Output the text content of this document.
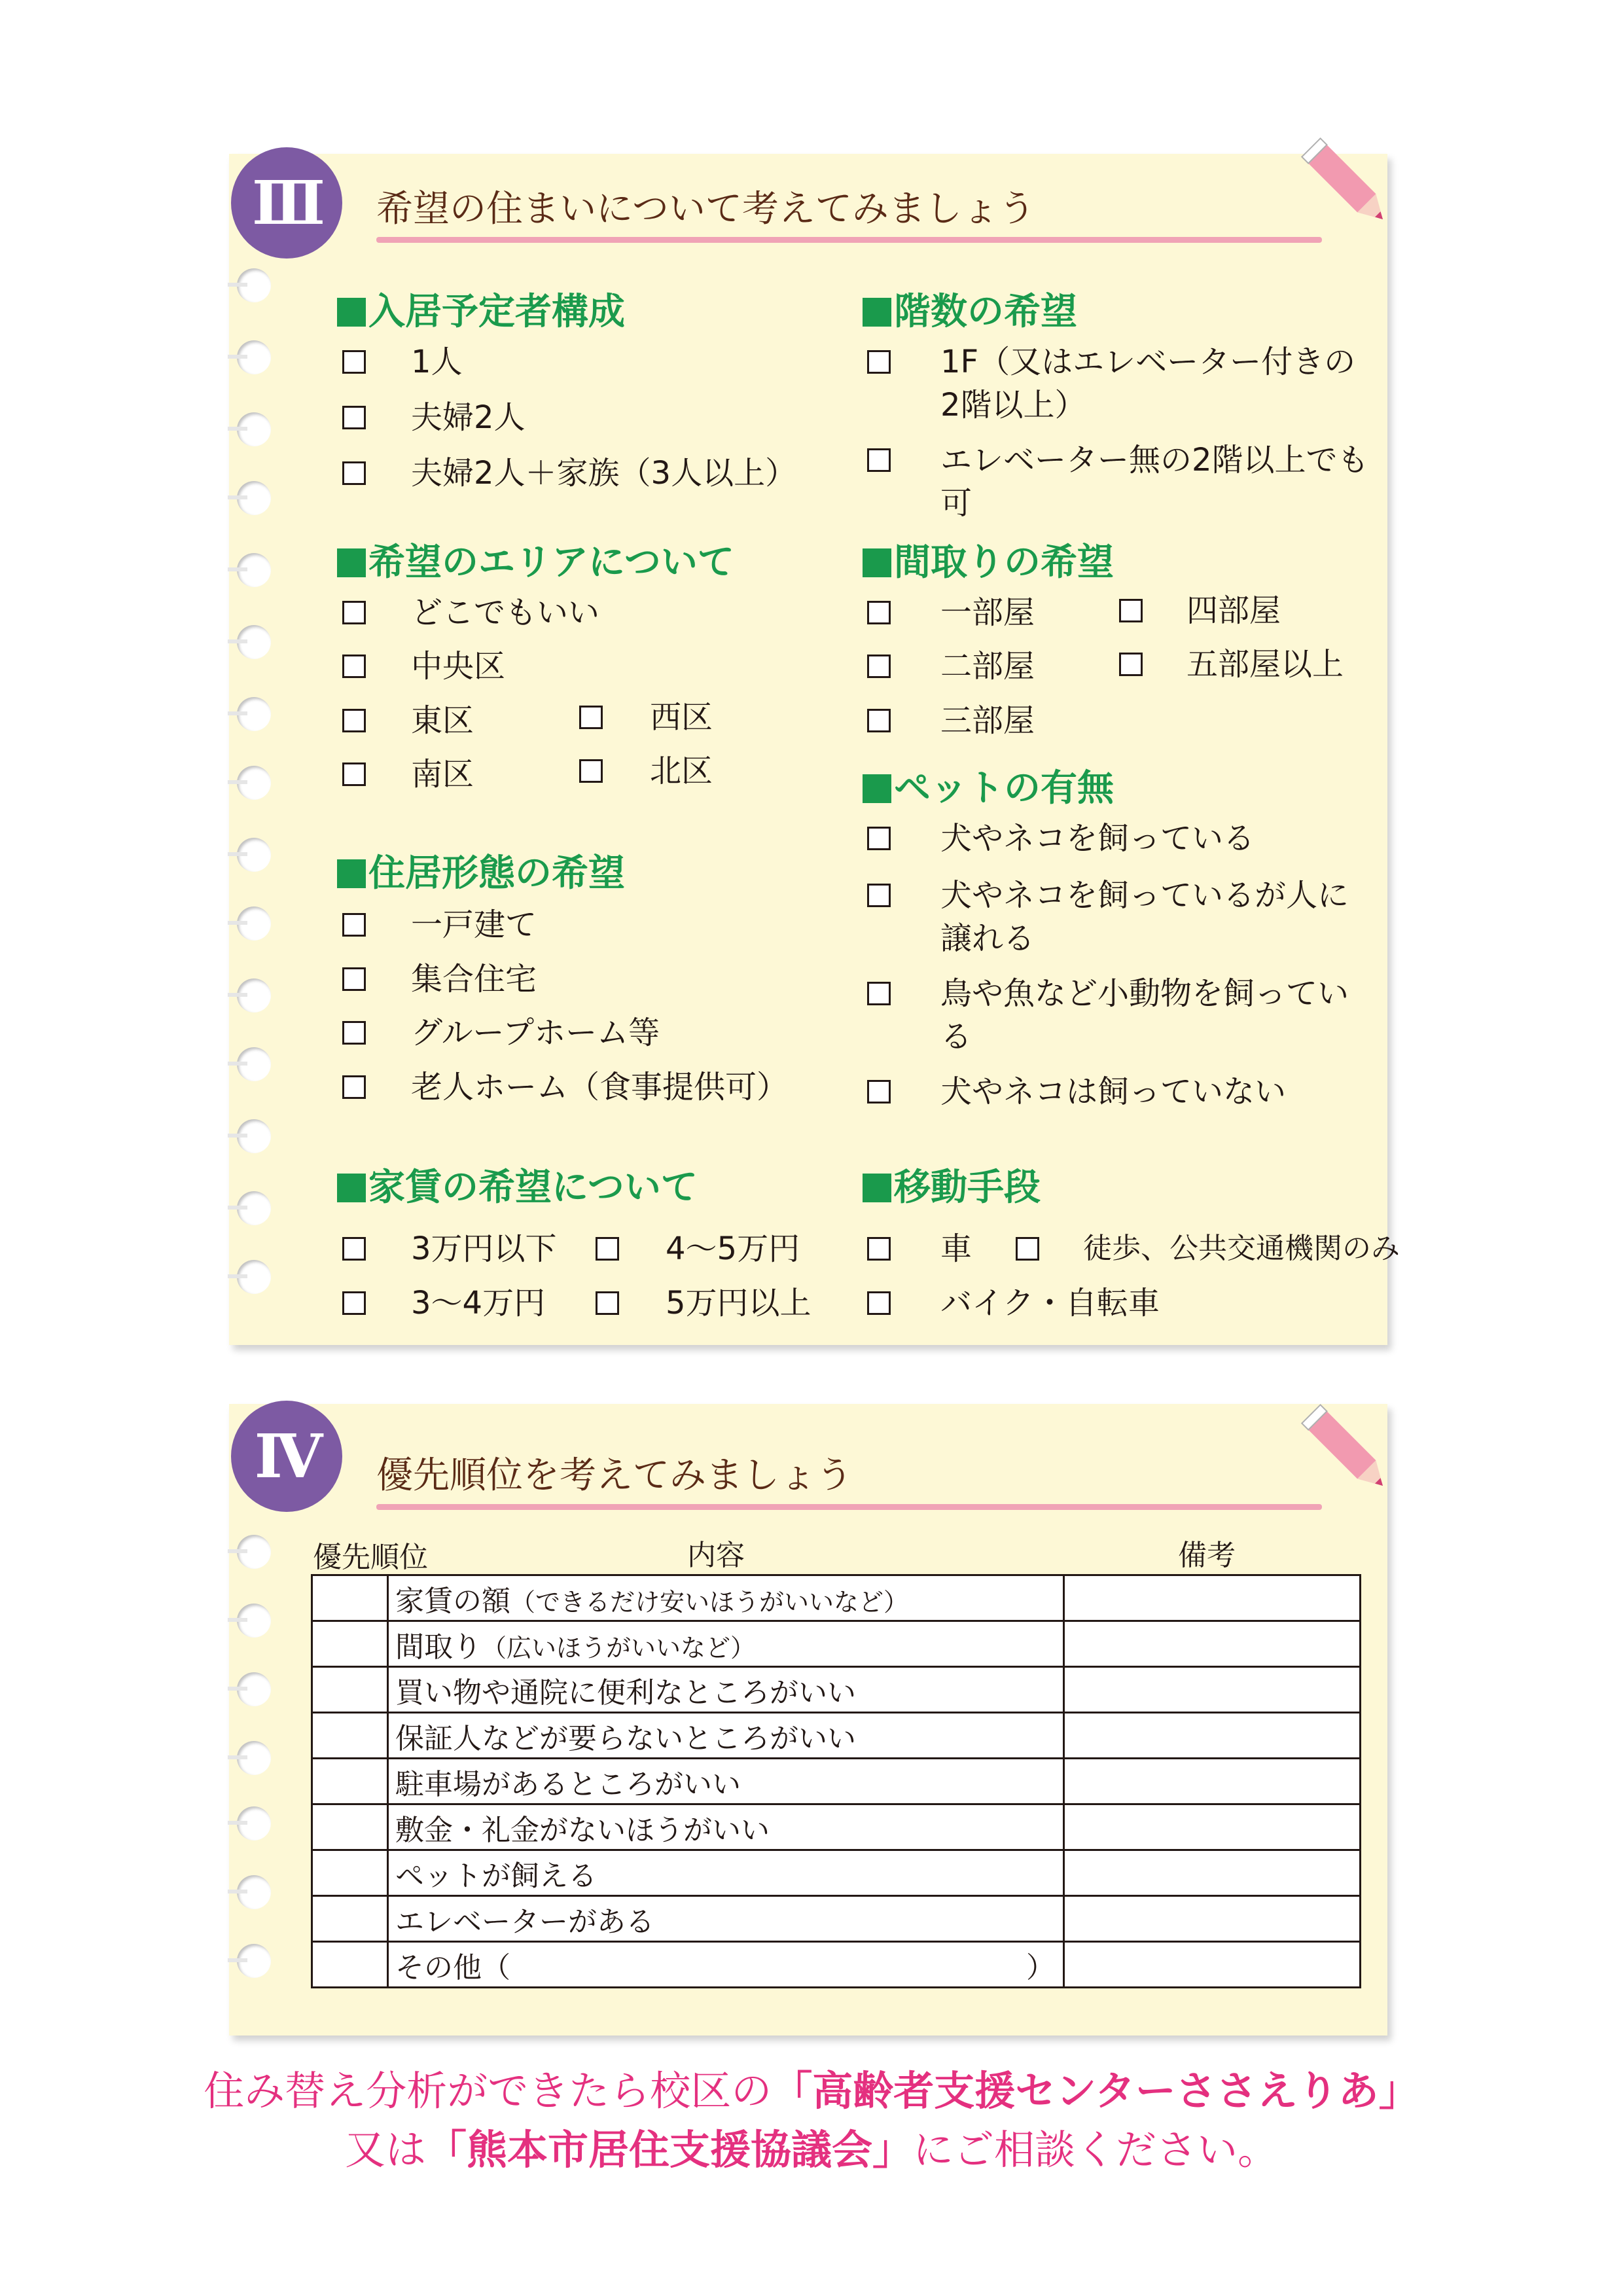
Ⅲ	希望の住まいについて考えてみましょう
入居予定者構成
1人
夫婦2人
夫婦2人＋家族（3人以上）
希望のエリアについて
どこでもいい
中央区
東区	西区
南区	北区
住居形態の希望
一戸建て
集合住宅
グループホーム等
老人ホーム（食事提供可）
家賃の希望について
3万円以下	4～5万円
3～4万円	5万円以上
階数の希望
1F（又はエレベーター付きの2階以上）
エレベーター無の2階以上でも可
間取りの希望
一部屋	四部屋
二部屋	五部屋以上
三部屋
ペットの有無
犬やネコを飼っている
犬やネコを飼っているが人に譲れる
鳥や魚など小動物を飼っている
犬やネコは飼っていない
移動手段
車	徒歩、公共交通機関のみ
バイク・自転車
Ⅳ	優先順位を考えてみましょう
優先順位	内容	備考
	家賃の額（できるだけ安いほうがいいなど）	
	間取り（広いほうがいいなど）	
	買い物や通院に便利なところがいい	
	保証人などが要らないところがいい	
	駐車場があるところがいい	
	敷金・礼金がないほうがいい	
	ペットが飼える	
	エレベーターがある	
	その他（ ）	

住み替え分析ができたら校区の「高齢者支援センターささえりあ」
又は「熊本市居住支援協議会」にご相談ください。
